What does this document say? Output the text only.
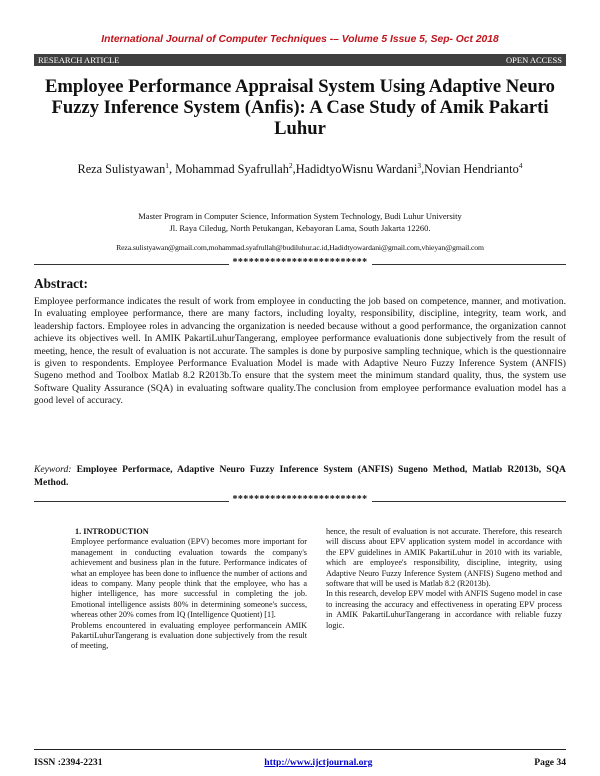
International Journal of Computer Techniques -– Volume 5 Issue 5, Sep- Oct 2018
RESEARCH ARTICLE	OPEN ACCESS
Employee Performance Appraisal System Using Adaptive Neuro Fuzzy Inference System (Anfis): A Case Study of Amik Pakarti Luhur
Reza Sulistyawan$^1$, Mohammad Syafrullah$^2$,HadidtyoWisnu Wardani$^3$,Novian Hendrianto$^4$
Master Program in Computer Science, Information System Technology, Budi Luhur University
Jl. Raya Ciledug, North Petukangan, Kebayoran Lama, South Jakarta 12260.
Reza.sulistyawan@gmail.com,mohammad.syafrullah@budiluhur.ac.id,Hadidtyowardani@gmail.com,vhieyan@gmail.com
*************************
Abstract:

Employee performance indicates the result of work from employee in conducting the job based on competence, manner, and motivation. In evaluating employee performance, there are many factors, including loyalty, responsibility, discipline, integrity, team work, and leadership factors. Employee roles in advancing the organization is needed because without a good performance, the organization cannot achieve its objectives well. In AMIK PakartiLuhurTangerang, employee performance evaluationis done subjectively from the result of meeting, hence, the result of evaluation is not accurate. The samples is done by purposive sampling technique, which is the questionnaire is given to respondents. Employee Performance Evaluation Model is made with Adaptive Neuro Fuzzy Inference System (ANFIS) Sugeno method and Toolbox Matlab 8.2 R2013b.To ensure that the system meet the minimum standard quality, thus, the system use Software Quality Assurance (SQA) in evaluating software quality.The conclusion from employee performance evaluation model has a good level of accuracy.

Keyword: Employee Performace, Adaptive Neuro Fuzzy Inference System (ANFIS) Sugeno Method, Matlab R2013b, SQA Method.

*************************
1. INTRODUCTION

Employee performance evaluation (EPV) becomes more important for management in conducting evaluation towards the company's achievement and business plan in the future. Performance indicates of what an employee has been done to influence the number of actions and ideas to company. Many people think that the employee, who has a higher intelligence, has more successful in completing the job. Emotional intelligence assists 80% in determining someone's success, whereas other 20% comes from IQ (Intelligence Quotient) [1].

Problems encountered in evaluating employee performancein AMIK PakartiLuhurTangerang is evaluation done subjectively from the result of meeting,

hence, the result of evaluation is not accurate. Therefore, this research will discuss about EPV application system model in accordance with the EPV guidelines in AMIK PakartiLuhur in 2010 with its variable, which are employee's responsibility, discipline, integrity, using Adaptive Neuro Fuzzy Inference System (ANFIS) Sugeno method and software that will be used is Matlab 8.2 (R2013b).

In this research, develop EPV model with ANFIS Sugeno model in case to increasing the accuracy and effectiveness in operating EPV process in AMIK PakartiLuhurTangerang in accordance with reliable fuzzy logic.

ISSN :2394-2231	http://www.ijctjournal.org	Page 34
